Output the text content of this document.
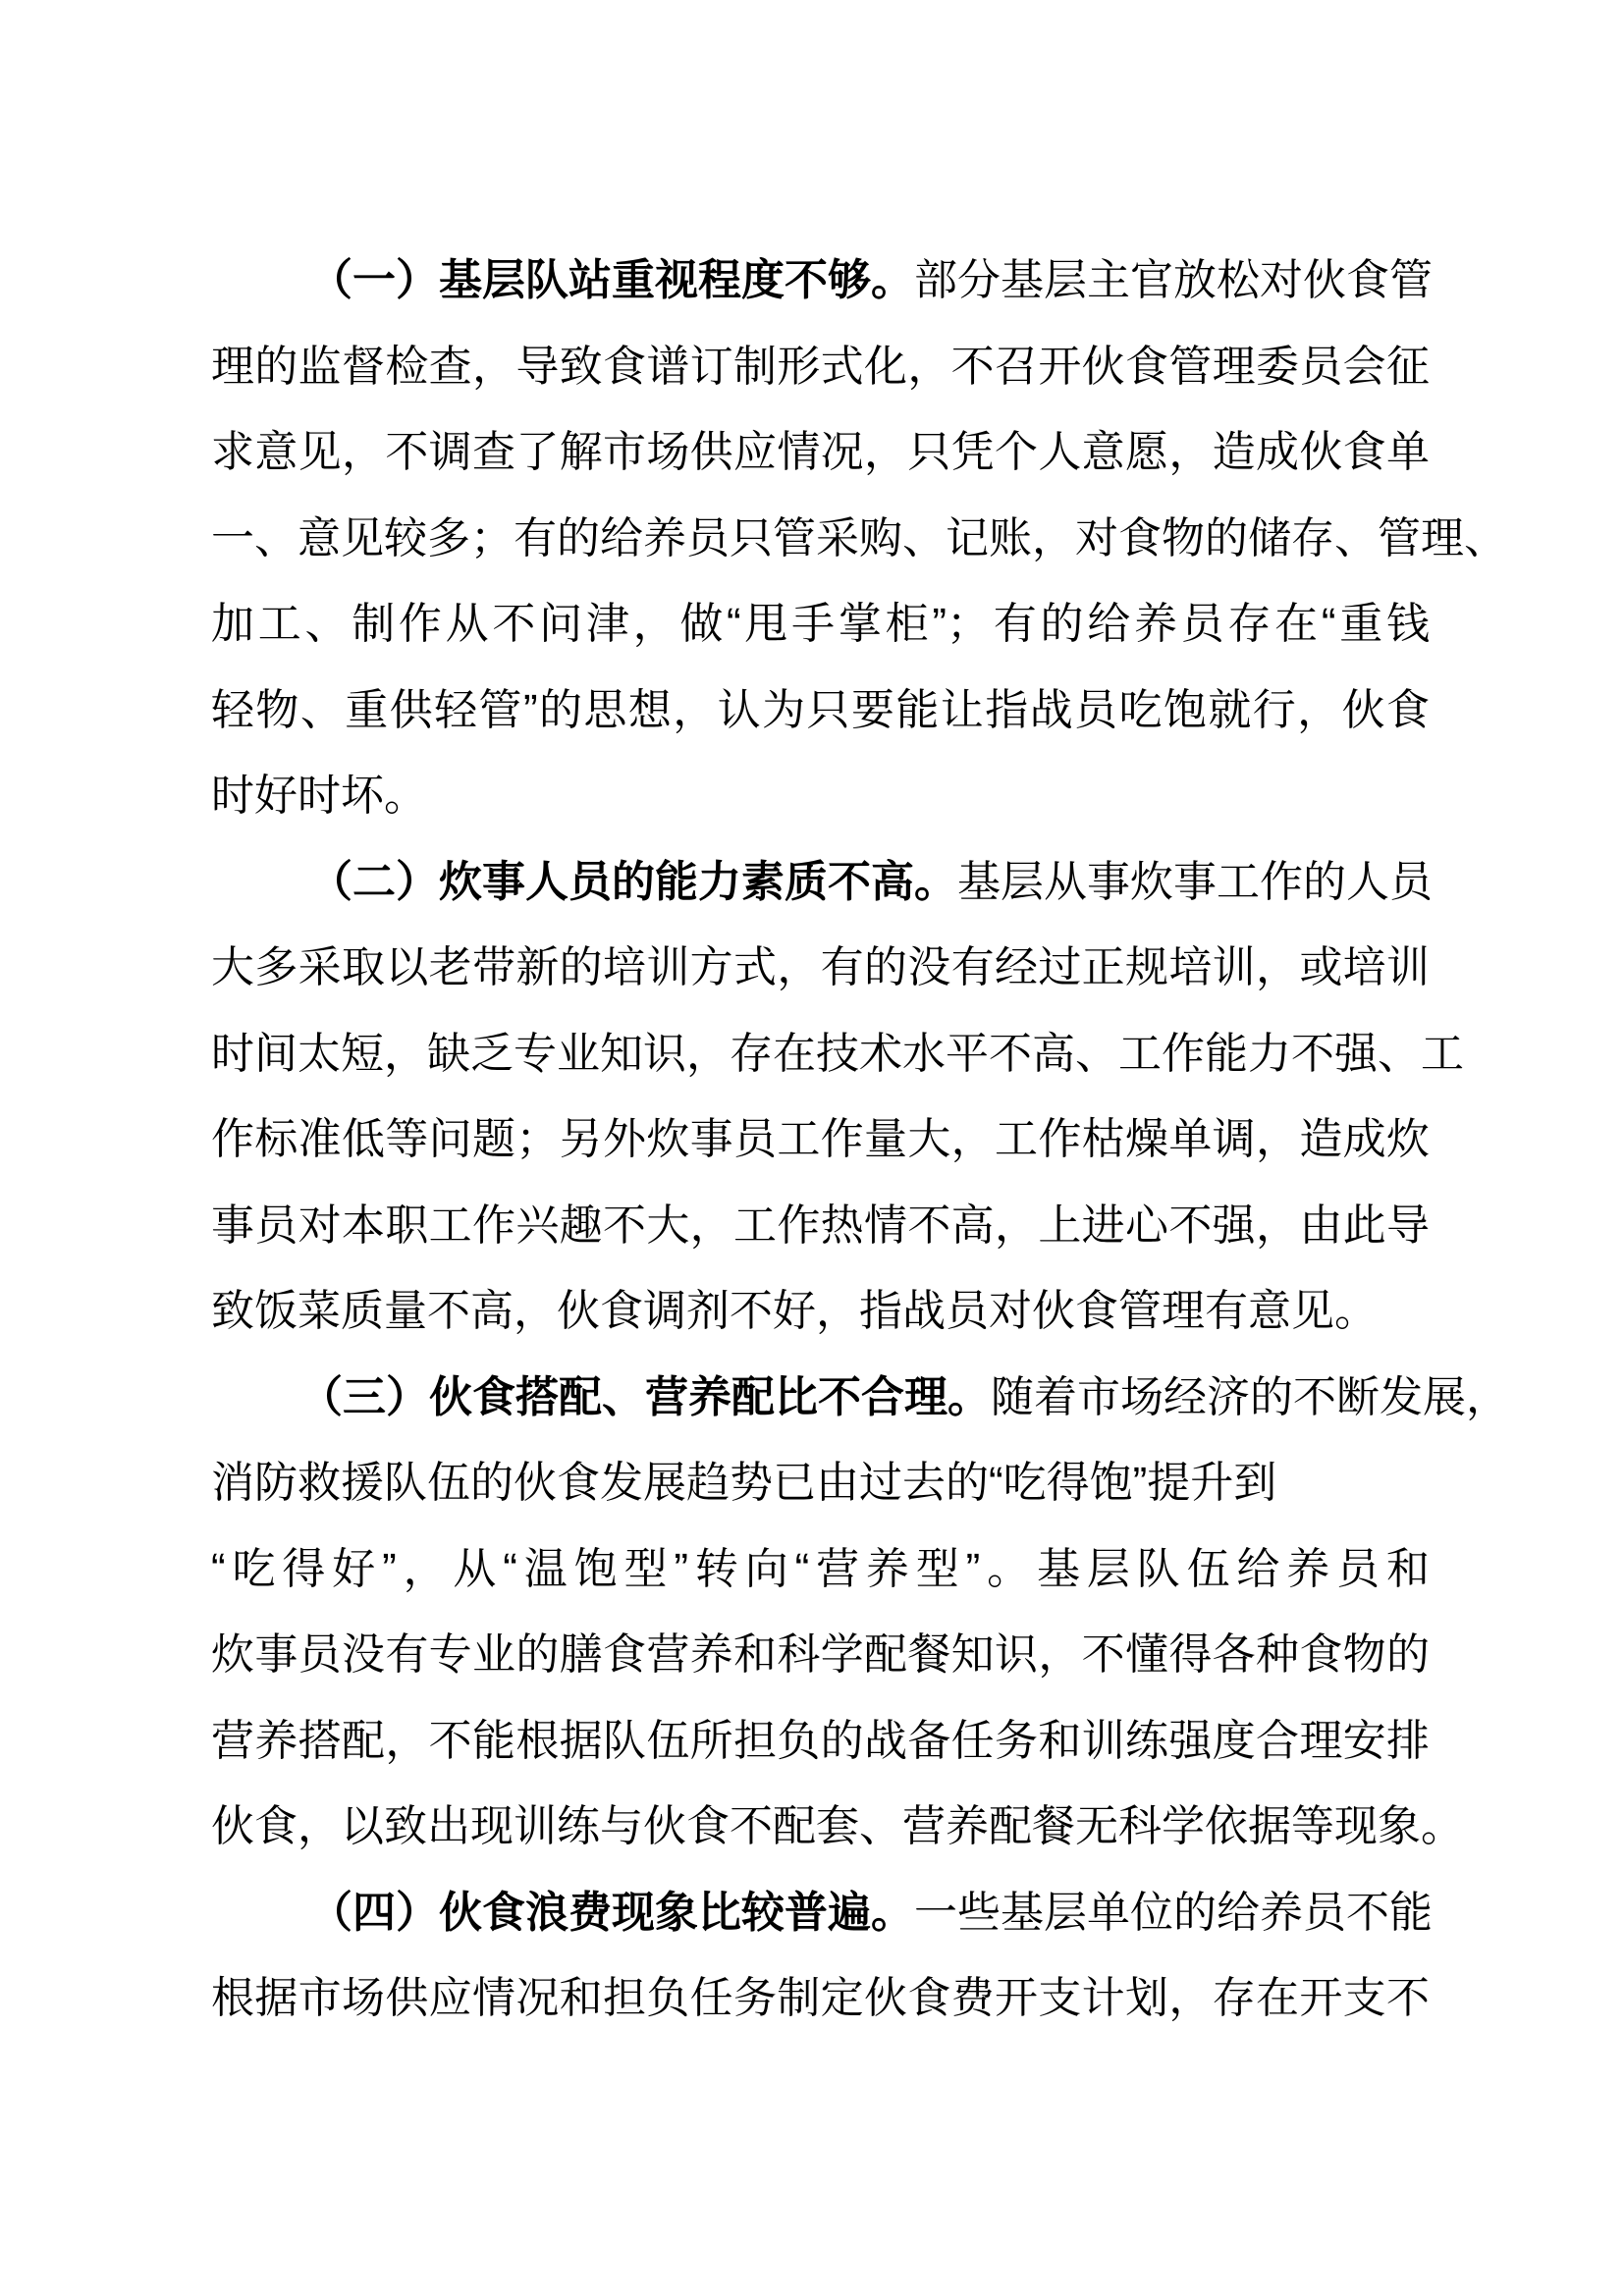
（一）基层队站重视程度不够。部分基层主官放松对伙食管
理的监督检查，导致食谱订制形式化，不召开伙食管理委员会征
求意见，不调查了解市场供应情况，只凭个人意愿，造成伙食单
一、意见较多；有的给养员只管采购、记账，对食物的储存、管理、
加工、制作从不问津，做“甩手掌柜”；有的给养员存在“重钱
轻物、重供轻管”的思想，认为只要能让指战员吃饱就行，伙食
时好时坏。
（二）炊事人员的能力素质不高。基层从事炊事工作的人员
大多采取以老带新的培训方式，有的没有经过正规培训，或培训
时间太短，缺乏专业知识，存在技术水平不高、工作能力不强、工
作标准低等问题；另外炊事员工作量大，工作枯燥单调，造成炊
事员对本职工作兴趣不大，工作热情不高，上进心不强，由此导
致饭菜质量不高，伙食调剂不好，指战员对伙食管理有意见。
（三）伙食搭配、营养配比不合理。随着市场经济的不断发展，
消防救援队伍的伙食发展趋势已由过去的“吃得饱”提升到
“吃得好”，从“温饱型”转向“营养型”。基层队伍给养员和
炊事员没有专业的膳食营养和科学配餐知识，不懂得各种食物的
营养搭配，不能根据队伍所担负的战备任务和训练强度合理安排
伙食，以致出现训练与伙食不配套、营养配餐无科学依据等现象。
（四）伙食浪费现象比较普遍。一些基层单位的给养员不能
根据市场供应情况和担负任务制定伙食费开支计划，存在开支不
